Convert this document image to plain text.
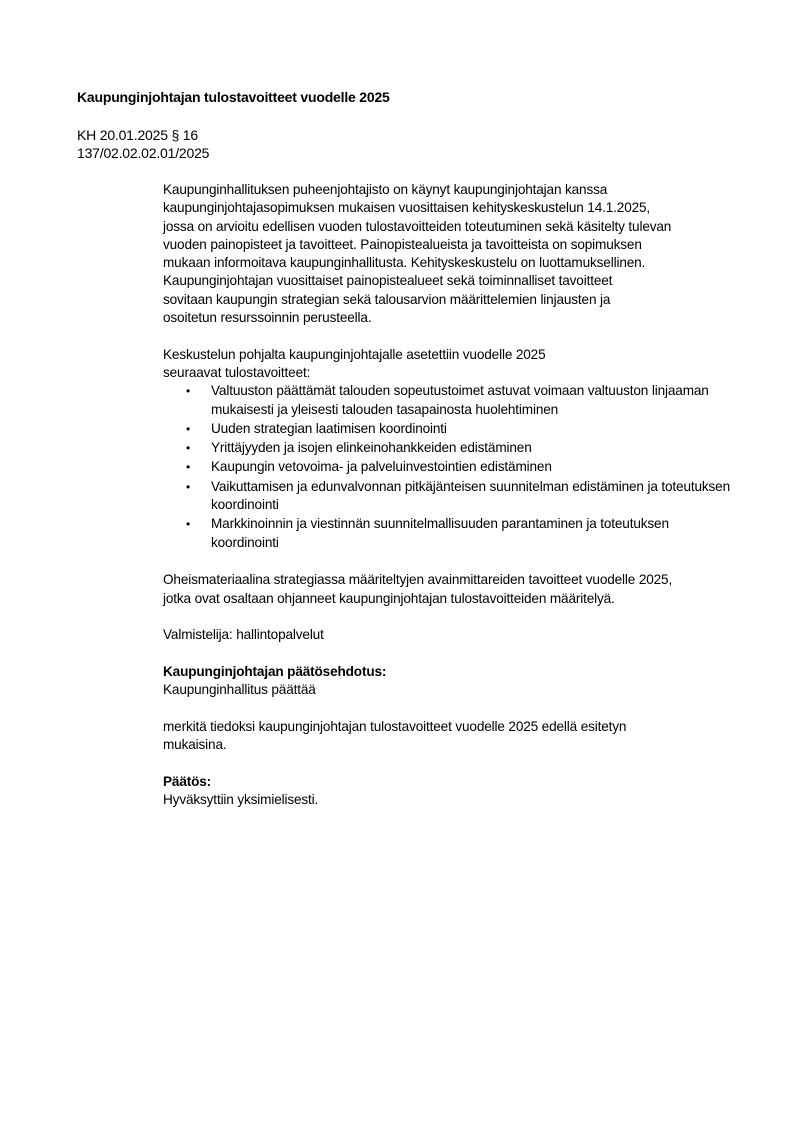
Kaupunginjohtajan tulostavoitteet vuodelle 2025
KH 20.01.2025 § 16
137/02.02.02.01/2025
Kaupunginhallituksen puheenjohtajisto on käynyt kaupunginjohtajan kanssa
kaupunginjohtajasopimuksen mukaisen vuosittaisen kehityskeskustelun 14.1.2025,
jossa on arvioitu edellisen vuoden tulostavoitteiden toteutuminen sekä käsitelty tulevan
vuoden painopisteet ja tavoitteet. Painopistealueista ja tavoitteista on sopimuksen
mukaan informoitava kaupunginhallitusta. Kehityskeskustelu on luottamuksellinen.
Kaupunginjohtajan vuosittaiset painopistealueet sekä toiminnalliset tavoitteet
sovitaan kaupungin strategian sekä talousarvion määrittelemien linjausten ja
osoitetun resurssoinnin perusteella.
Keskustelun pohjalta kaupunginjohtajalle asetettiin vuodelle 2025
seuraavat tulostavoitteet:
• Valtuuston päättämät talouden sopeutustoimet astuvat voimaan valtuuston linjaaman mukaisesti ja yleisesti talouden tasapainosta huolehtiminen
• Uuden strategian laatimisen koordinointi
• Yrittäjyyden ja isojen elinkeinohankkeiden edistäminen
• Kaupungin vetovoima- ja palveluinvestointien edistäminen
• Vaikuttamisen ja edunvalvonnan pitkäjänteisen suunnitelman edistäminen ja toteutuksen koordinointi
• Markkinoinnin ja viestinnän suunnitelmallisuuden parantaminen ja toteutuksen koordinointi
Oheismateriaalina strategiassa määriteltyjen avainmittareiden tavoitteet vuodelle 2025,
jotka ovat osaltaan ohjanneet kaupunginjohtajan tulostavoitteiden määritelyä.
Valmistelija: hallintopalvelut
Kaupunginjohtajan päätösehdotus:
Kaupunginhallitus päättää
merkitä tiedoksi kaupunginjohtajan tulostavoitteet vuodelle 2025 edellä esitetyn
mukaisina.
Päätös:
Hyväksyttiin yksimielisesti.
